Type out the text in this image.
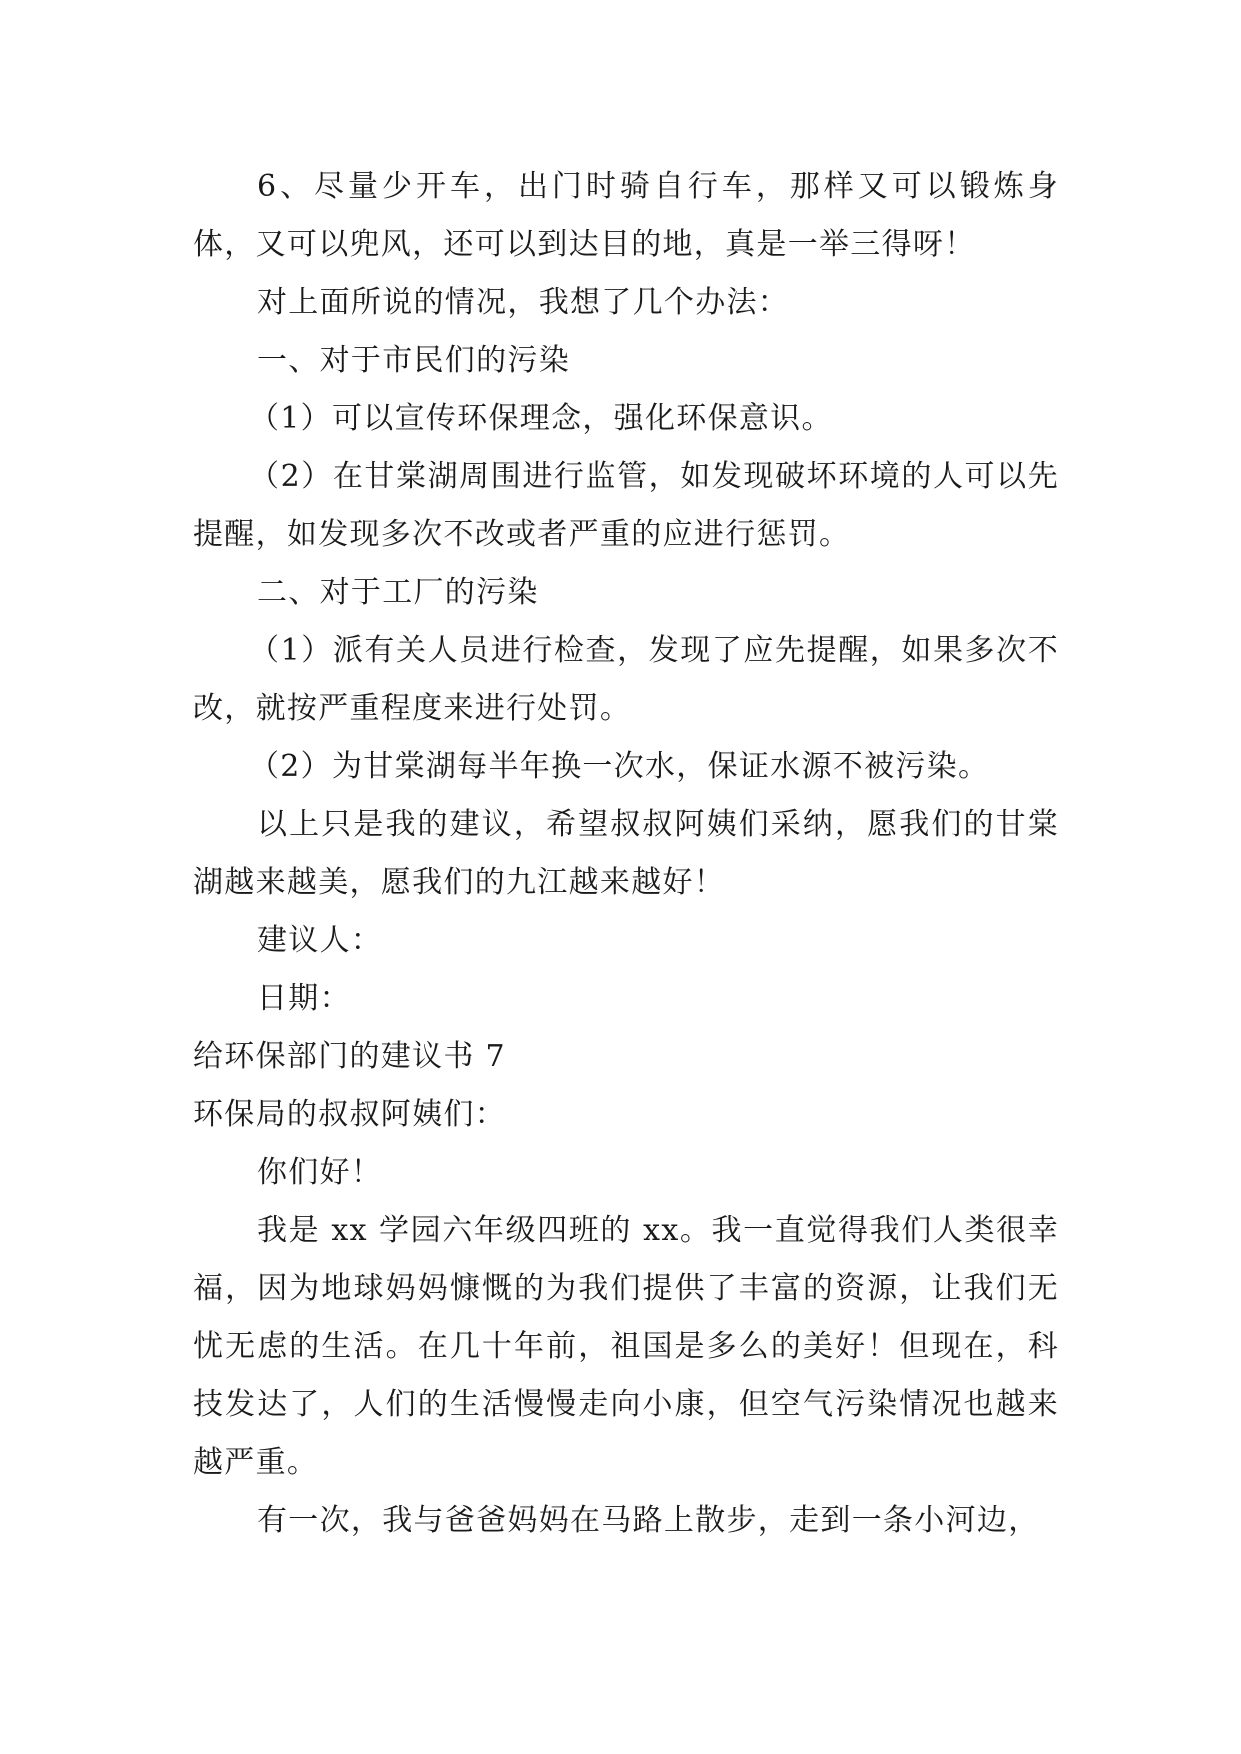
6、尽量少开车，出门时骑自行车，那样又可以锻炼身体，又可以兜风，还可以到达目的地，真是一举三得呀！

对上面所说的情况，我想了几个办法：

一、对于市民们的污染

（1）可以宣传环保理念，强化环保意识。

（2）在甘棠湖周围进行监管，如发现破坏环境的人可以先提醒，如发现多次不改或者严重的应进行惩罚。

二、对于工厂的污染

（1）派有关人员进行检查，发现了应先提醒，如果多次不改，就按严重程度来进行处罚。

（2）为甘棠湖每半年换一次水，保证水源不被污染。

以上只是我的建议，希望叔叔阿姨们采纳，愿我们的甘棠湖越来越美，愿我们的九江越来越好！

建议人：

日期：

给环保部门的建议书 7

环保局的叔叔阿姨们：

你们好！

我是 xx 学园六年级四班的 xx。我一直觉得我们人类很幸福，因为地球妈妈慷慨的为我们提供了丰富的资源，让我们无忧无虑的生活。在几十年前，祖国是多么的美好！但现在，科技发达了，人们的生活慢慢走向小康，但空气污染情况也越来越严重。

有一次，我与爸爸妈妈在马路上散步，走到一条小河边，
